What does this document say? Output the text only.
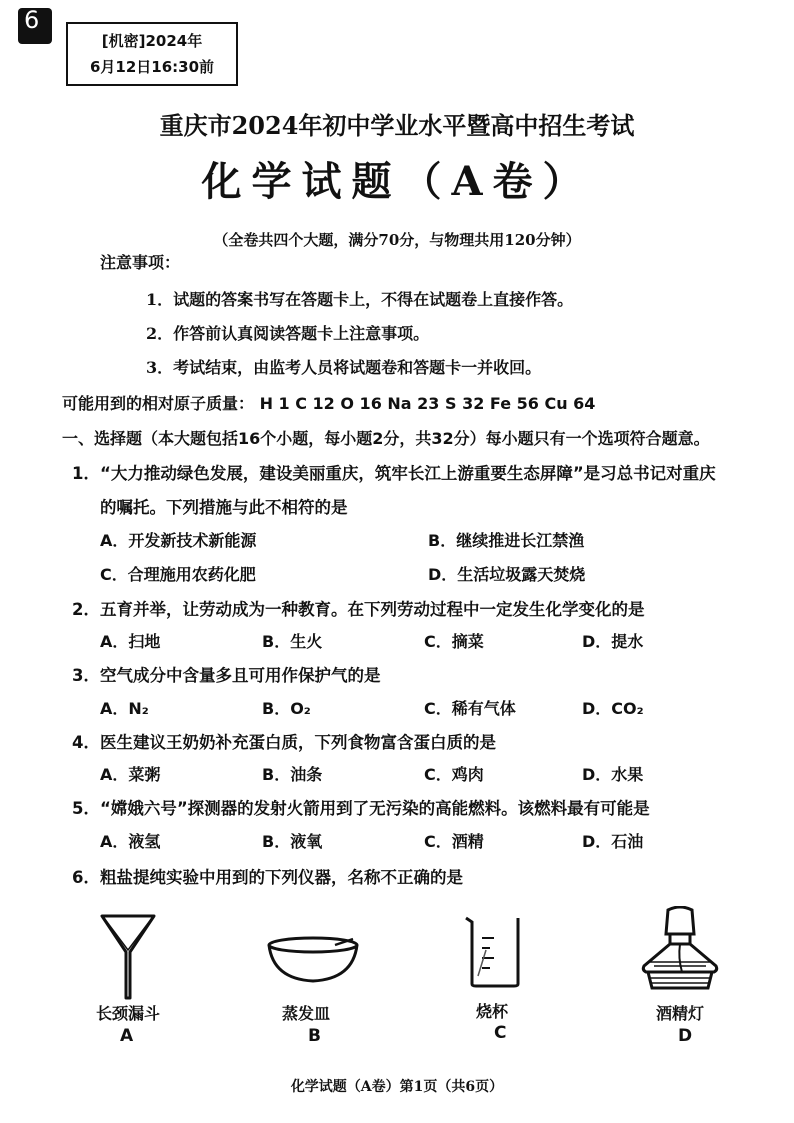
6
[机密]2024年
6月12日16:30前
重庆市2024年初中学业水平暨高中招生考试
化学试题（A卷）
（全卷共四个大题，满分70分，与物理共用120分钟）
注意事项：
1．试题的答案书写在答题卡上，不得在试题卷上直接作答。
2．作答前认真阅读答题卡上注意事项。
3．考试结束，由监考人员将试题卷和答题卡一并收回。
可能用到的相对原子质量： H 1 C 12 O 16 Na 23 S 32 Fe 56 Cu 64
一、选择题（本大题包括16个小题，每小题2分，共32分）每小题只有一个选项符合题意。
1．“大力推动绿色发展，建设美丽重庆，筑牢长江上游重要生态屏障”是习总书记对重庆
的嘱托。下列措施与此不相符的是
A．开发新技术新能源	B．继续推进长江禁渔
C．合理施用农药化肥	D．生活垃圾露天焚烧
2．五育并举，让劳动成为一种教育。在下列劳动过程中一定发生化学变化的是
A．扫地	B．生火	C．摘菜	D．提水
3．空气成分中含量多且可用作保护气的是
A．N₂	B．O₂	C．稀有气体	D．CO₂
4．医生建议王奶奶补充蛋白质，下列食物富含蛋白质的是
A．菜粥	B．油条	C．鸡肉	D．水果
5．“嫦娥六号”探测器的发射火箭用到了无污染的高能燃料。该燃料最有可能是
A．液氢	B．液氧	C．酒精	D．石油
6．粗盐提纯实验中用到的下列仪器，名称不正确的是
长颈漏斗
A
蒸发皿
B
烧杯
C
酒精灯
D
化学试题（A卷）第1页（共6页）
